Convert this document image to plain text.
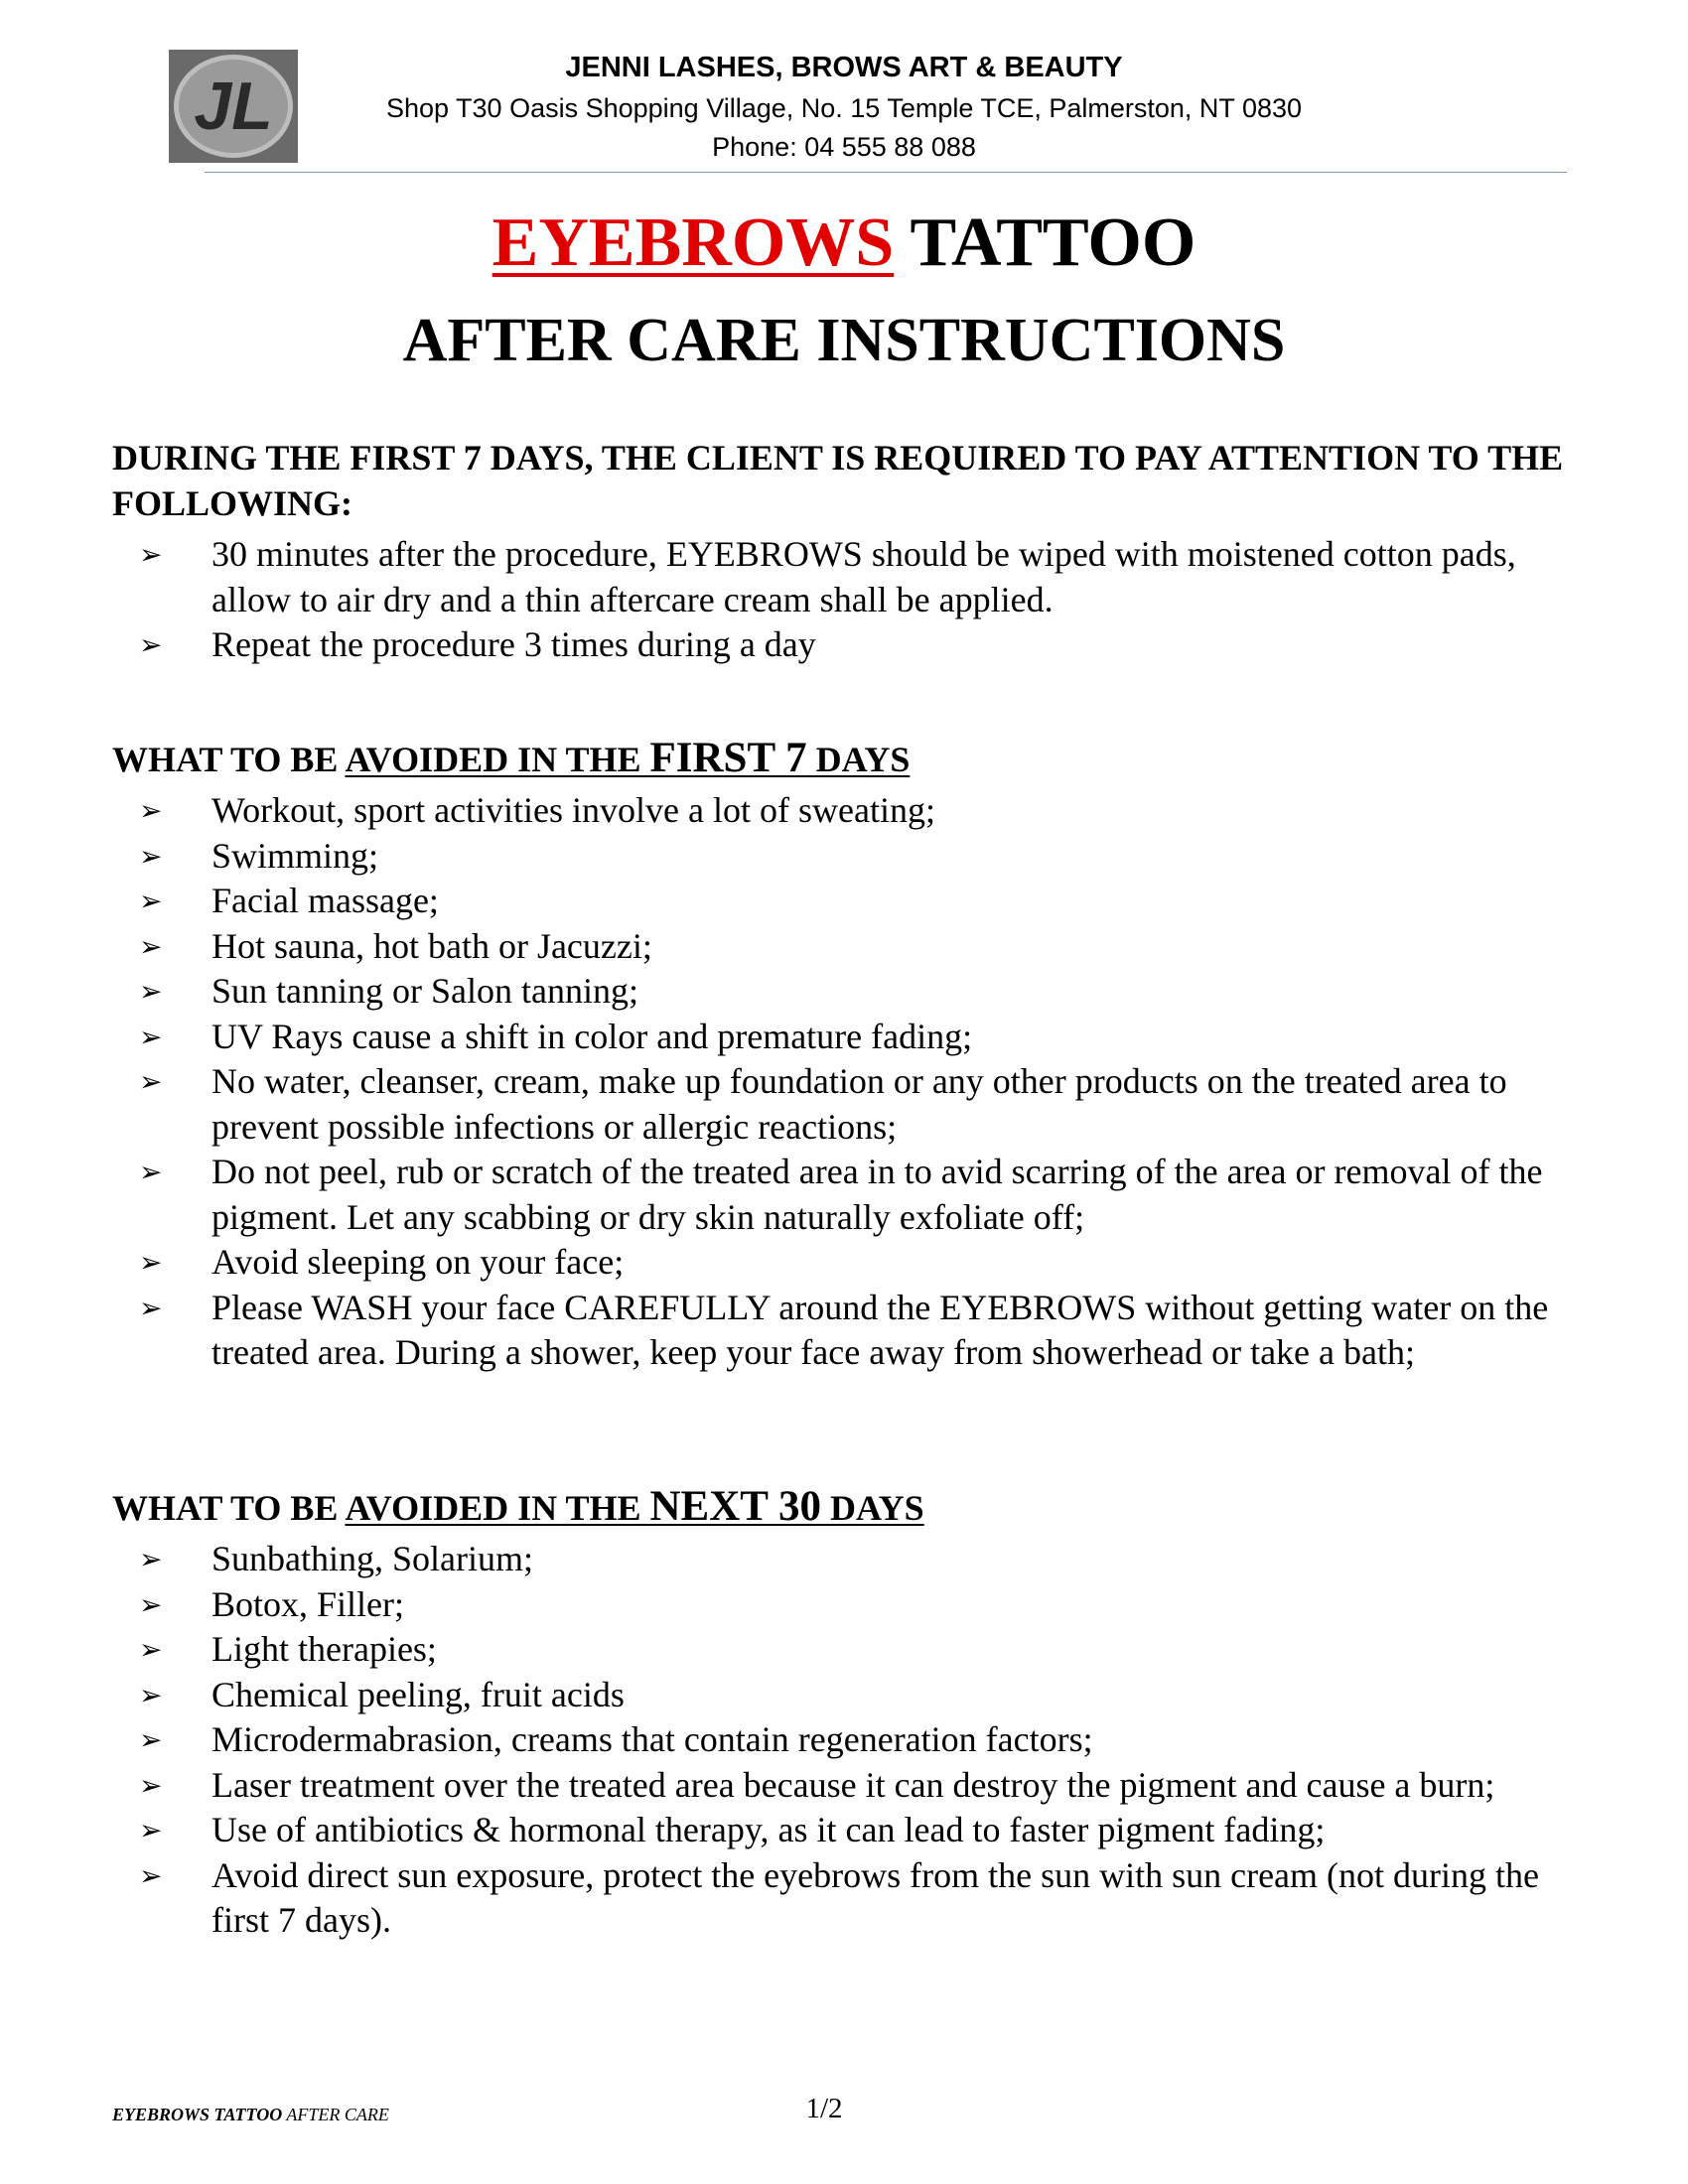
JL
JENNI LASHES, BROWS ART & BEAUTY
Shop T30 Oasis Shopping Village, No. 15 Temple TCE, Palmerston, NT 0830
Phone: 04 555 88 088
EYEBROWS TATTOO
AFTER CARE INSTRUCTIONS

DURING THE FIRST 7 DAYS, THE CLIENT IS REQUIRED TO PAY ATTENTION TO THE FOLLOWING:

➢ 30 minutes after the procedure, EYEBROWS should be wiped with moistened cotton pads, allow to air dry and a thin aftercare cream shall be applied.
➢ Repeat the procedure 3 times during a day

WHAT TO BE AVOIDED IN THE FIRST 7 DAYS

➢ Workout, sport activities involve a lot of sweating;
➢ Swimming;
➢ Facial massage;
➢ Hot sauna, hot bath or Jacuzzi;
➢ Sun tanning or Salon tanning;
➢ UV Rays cause a shift in color and premature fading;
➢ No water, cleanser, cream, make up foundation or any other products on the treated area to prevent possible infections or allergic reactions;
➢ Do not peel, rub or scratch of the treated area in to avid scarring of the area or removal of the pigment. Let any scabbing or dry skin naturally exfoliate off;
➢ Avoid sleeping on your face;
➢ Please WASH your face CAREFULLY around the EYEBROWS without getting water on the treated area. During a shower, keep your face away from showerhead or take a bath;

WHAT TO BE AVOIDED IN THE NEXT 30 DAYS

➢ Sunbathing, Solarium;
➢ Botox, Filler;
➢ Light therapies;
➢ Chemical peeling, fruit acids
➢ Microdermabrasion, creams that contain regeneration factors;
➢ Laser treatment over the treated area because it can destroy the pigment and cause a burn;
➢ Use of antibiotics & hormonal therapy, as it can lead to faster pigment fading;
➢ Avoid direct sun exposure, protect the eyebrows from the sun with sun cream (not during the first 7 days).
EYEBROWS TATTOO AFTER CARE	1/2
